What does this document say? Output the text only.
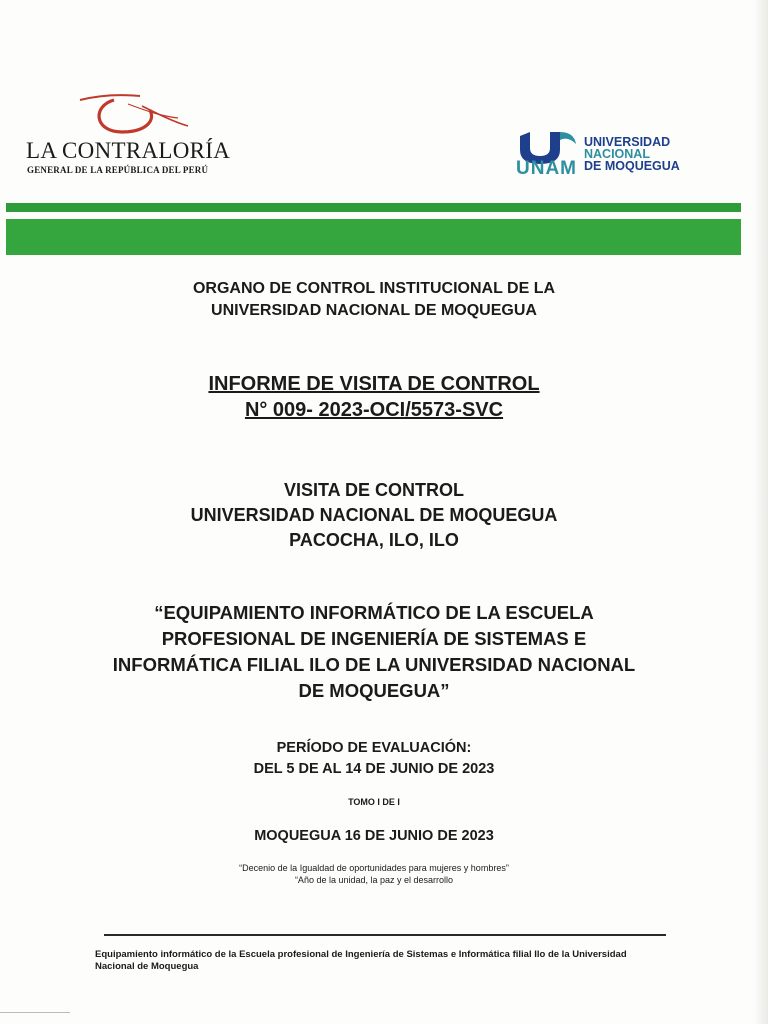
LA CONTRALORÍA
GENERAL DE LA REPÚBLICA DEL PERÚ	UNAM
UNIVERSIDAD
NACIONAL
DE MOQUEGUA
ORGANO DE CONTROL INSTITUCIONAL DE LA
UNIVERSIDAD NACIONAL DE MOQUEGUA
INFORME DE VISITA DE CONTROL
N° 009- 2023-OCI/5573-SVC
VISITA DE CONTROL
UNIVERSIDAD NACIONAL DE MOQUEGUA
PACOCHA, ILO, ILO
“EQUIPAMIENTO INFORMÁTICO DE LA ESCUELA
PROFESIONAL DE INGENIERÍA DE SISTEMAS E
INFORMÁTICA FILIAL ILO DE LA UNIVERSIDAD NACIONAL
DE MOQUEGUA”
PERÍODO DE EVALUACIÓN:
DEL 5 DE AL 14 DE JUNIO DE 2023
TOMO I DE I
MOQUEGUA 16 DE JUNIO DE 2023
“Decenio de la Igualdad de oportunidades para mujeres y hombres”
“Año de la unidad, la paz y el desarrollo
Equipamiento informático de la Escuela profesional de Ingeniería de Sistemas e Informática filial Ilo de la Universidad Nacional de Moquegua
